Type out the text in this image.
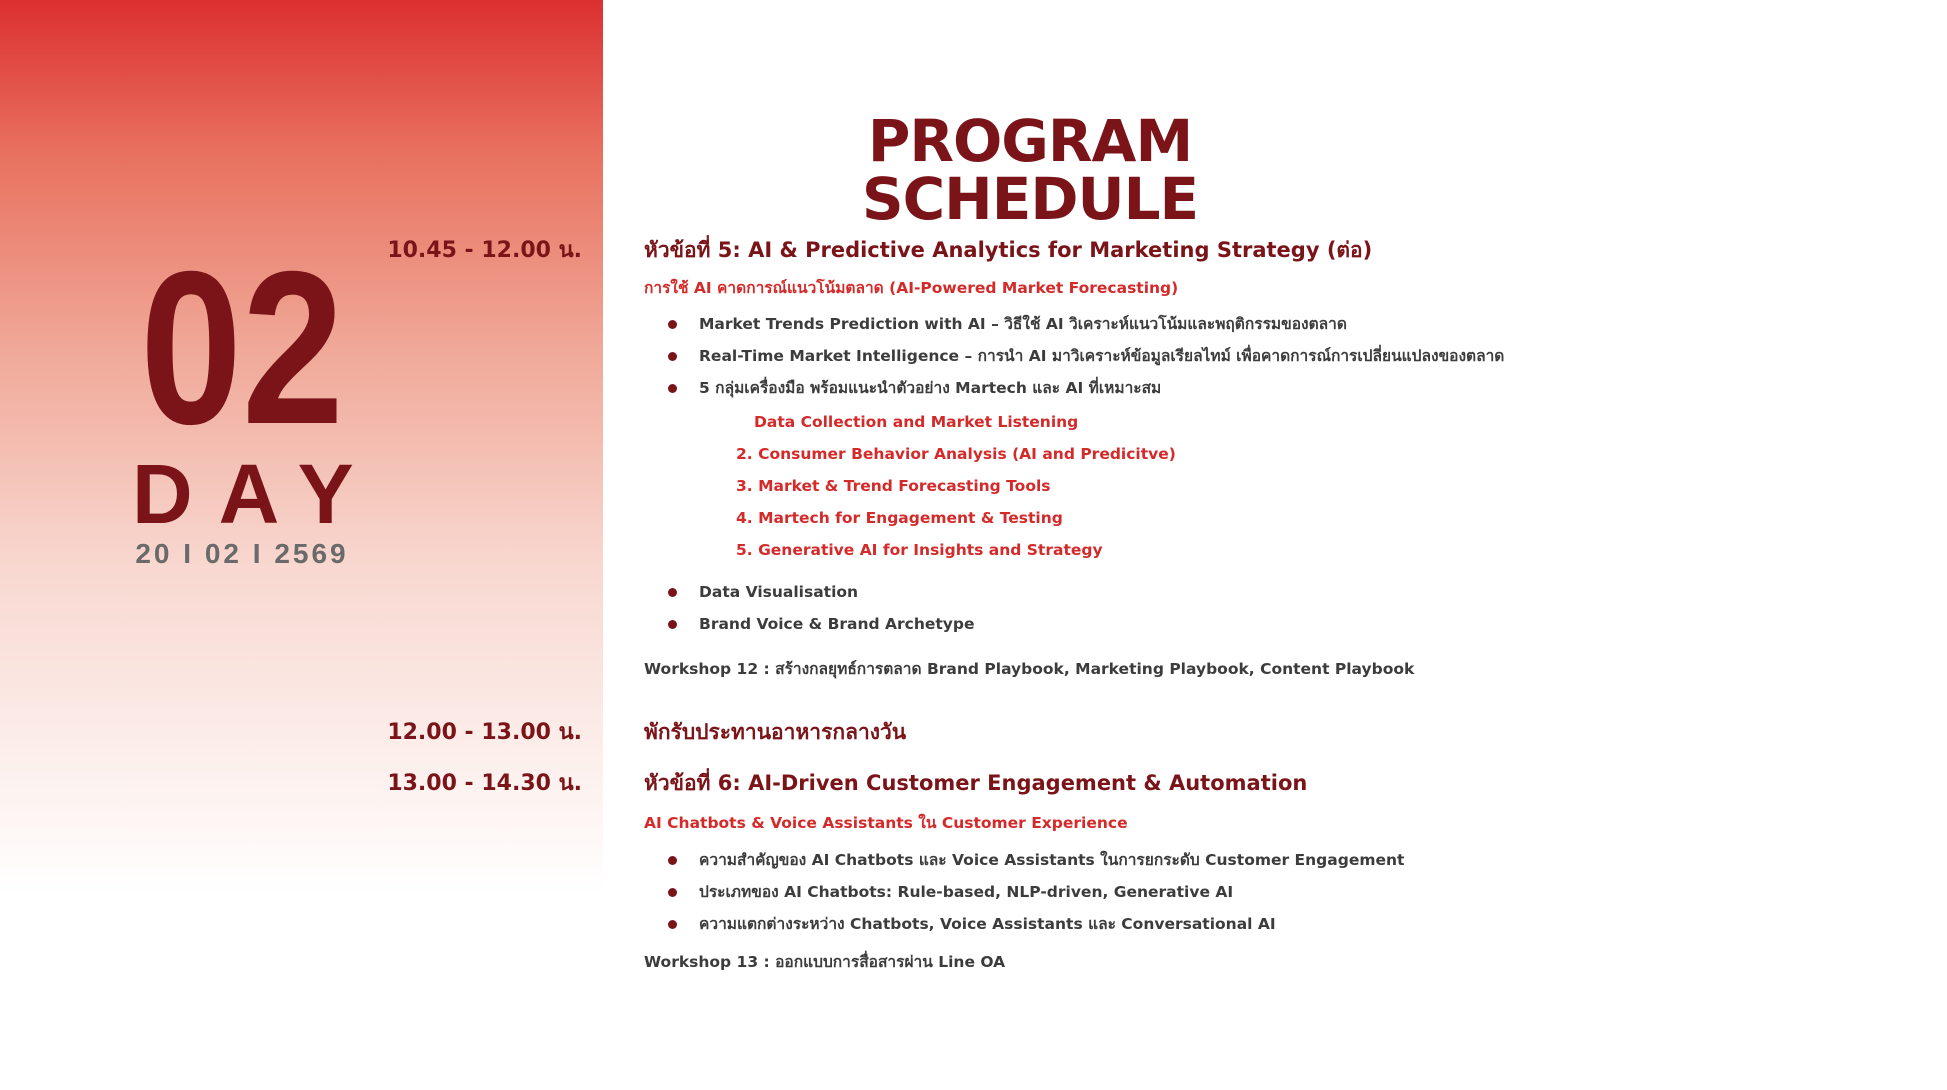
02
DAY
20 I 02 I 2569
PROGRAM SCHEDULE
10.45 - 12.00 น.	หัวข้อที่ 5: AI & Predictive Analytics for Marketing Strategy (ต่อ)
การใช้ AI คาดการณ์แนวโน้มตลาด (AI-Powered Market Forecasting)
Market Trends Prediction with AI – วิธีใช้ AI วิเคราะห์แนวโน้มและพฤติกรรมของตลาด
Real-Time Market Intelligence – การนำ AI มาวิเคราะห์ข้อมูลเรียลไทม์ เพื่อคาดการณ์การเปลี่ยนแปลงของตลาด
5 กลุ่มเครื่องมือ พร้อมแนะนำตัวอย่าง Martech และ AI ที่เหมาะสม
Data Collection and Market Listening
2. Consumer Behavior Analysis (AI and Predicitve)
3. Market & Trend Forecasting Tools
4. Martech for Engagement & Testing
5. Generative AI for Insights and Strategy
Data Visualisation
Brand Voice & Brand Archetype
Workshop 12 : สร้างกลยุทธ์การตลาด Brand Playbook, Marketing Playbook, Content Playbook
12.00 - 13.00 น.	พักรับประทานอาหารกลางวัน
13.00 - 14.30 น.	หัวข้อที่ 6: AI-Driven Customer Engagement & Automation
AI Chatbots & Voice Assistants ใน Customer Experience
ความสำคัญของ AI Chatbots และ Voice Assistants ในการยกระดับ Customer Engagement
ประเภทของ AI Chatbots: Rule-based, NLP-driven, Generative AI
ความแตกต่างระหว่าง Chatbots, Voice Assistants และ Conversational AI
Workshop 13 : ออกแบบการสื่อสารผ่าน Line OA
